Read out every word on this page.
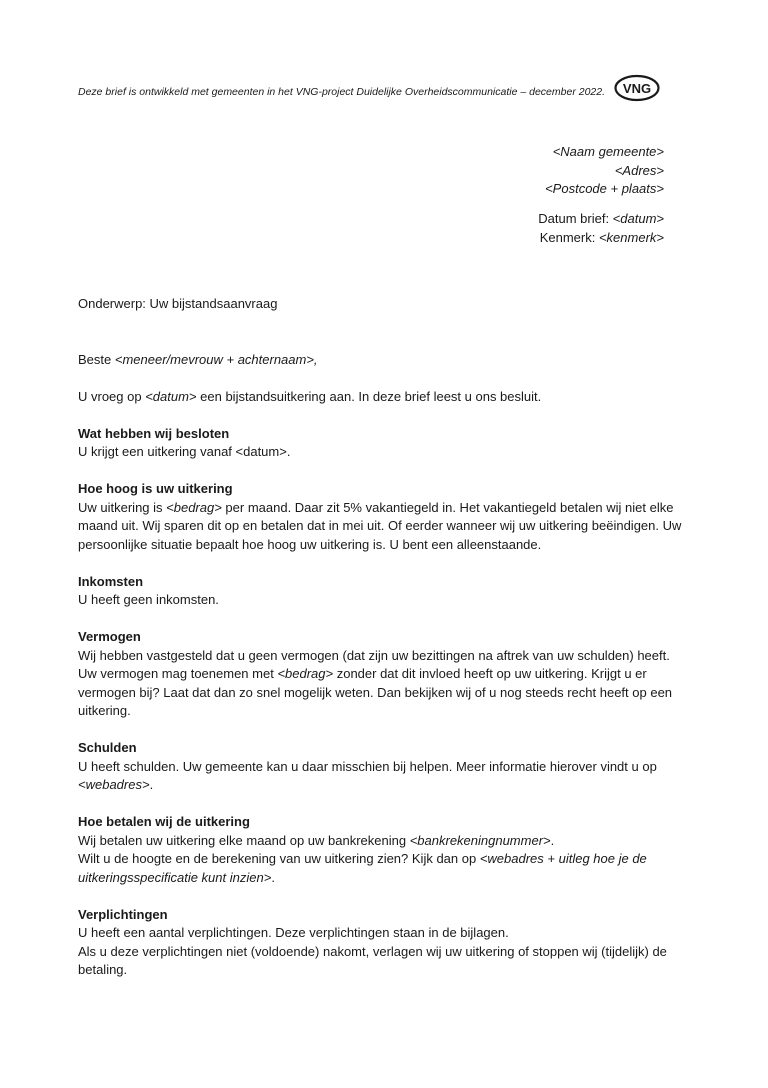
Deze brief is ontwikkeld met gemeenten in het VNG-project Duidelijke Overheidscommunicatie – december 2022. VNG
<Naam gemeente>
<Adres>
<Postcode + plaats>
Datum brief: <datum>
Kenmerk: <kenmerk>

Onderwerp: Uw bijstandsaanvraag

Beste <meneer/mevrouw + achternaam>,

U vroeg op <datum> een bijstandsuitkering aan. In deze brief leest u ons besluit.

Wat hebben wij besloten

U krijgt een uitkering vanaf <datum>.

Hoe hoog is uw uitkering

Uw uitkering is <bedrag> per maand. Daar zit 5% vakantiegeld in. Het vakantiegeld betalen wij niet elke maand uit. Wij sparen dit op en betalen dat in mei uit. Of eerder wanneer wij uw uitkering beëindigen. Uw persoonlijke situatie bepaalt hoe hoog uw uitkering is. U bent een alleenstaande.

Inkomsten

U heeft geen inkomsten.

Vermogen

Wij hebben vastgesteld dat u geen vermogen (dat zijn uw bezittingen na aftrek van uw schulden) heeft. Uw vermogen mag toenemen met <bedrag> zonder dat dit invloed heeft op uw uitkering. Krijgt u er vermogen bij? Laat dat dan zo snel mogelijk weten. Dan bekijken wij of u nog steeds recht heeft op een uitkering.

Schulden

U heeft schulden. Uw gemeente kan u daar misschien bij helpen. Meer informatie hierover vindt u op <webadres>.

Hoe betalen wij de uitkering

Wij betalen uw uitkering elke maand op uw bankrekening <bankrekeningnummer>.

Wilt u de hoogte en de berekening van uw uitkering zien? Kijk dan op <webadres + uitleg hoe je de uitkeringsspecificatie kunt inzien>.

Verplichtingen

U heeft een aantal verplichtingen. Deze verplichtingen staan in de bijlagen.

Als u deze verplichtingen niet (voldoende) nakomt, verlagen wij uw uitkering of stoppen wij (tijdelijk) de betaling.
